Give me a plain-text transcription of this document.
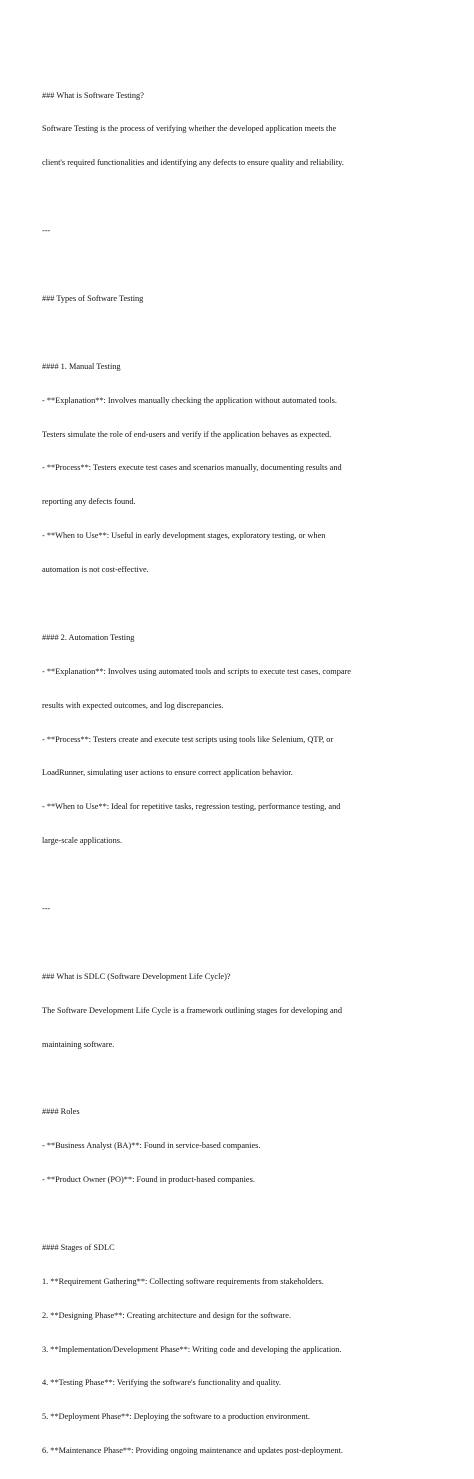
### What is Software Testing?

Software Testing is the process of verifying whether the developed application meets the

client's required functionalities and identifying any defects to ensure quality and reliability.

---

### Types of Software Testing

#### 1. Manual Testing

- **Explanation**: Involves manually checking the application without automated tools.

Testers simulate the role of end-users and verify if the application behaves as expected.

- **Process**: Testers execute test cases and scenarios manually, documenting results and

reporting any defects found.

- **When to Use**: Useful in early development stages, exploratory testing, or when

automation is not cost-effective.

#### 2. Automation Testing

- **Explanation**: Involves using automated tools and scripts to execute test cases, compare

results with expected outcomes, and log discrepancies.

- **Process**: Testers create and execute test scripts using tools like Selenium, QTP, or

LoadRunner, simulating user actions to ensure correct application behavior.

- **When to Use**: Ideal for repetitive tasks, regression testing, performance testing, and

large-scale applications.

---

### What is SDLC (Software Development Life Cycle)?

The Software Development Life Cycle is a framework outlining stages for developing and

maintaining software.

#### Roles

- **Business Analyst (BA)**: Found in service-based companies.

- **Product Owner (PO)**: Found in product-based companies.

#### Stages of SDLC

1. **Requirement Gathering**: Collecting software requirements from stakeholders.

2. **Designing Phase**: Creating architecture and design for the software.

3. **Implementation/Development Phase**: Writing code and developing the application.

4. **Testing Phase**: Verifying the software's functionality and quality.

5. **Deployment Phase**: Deploying the software to a production environment.

6. **Maintenance Phase**: Providing ongoing maintenance and updates post-deployment.
